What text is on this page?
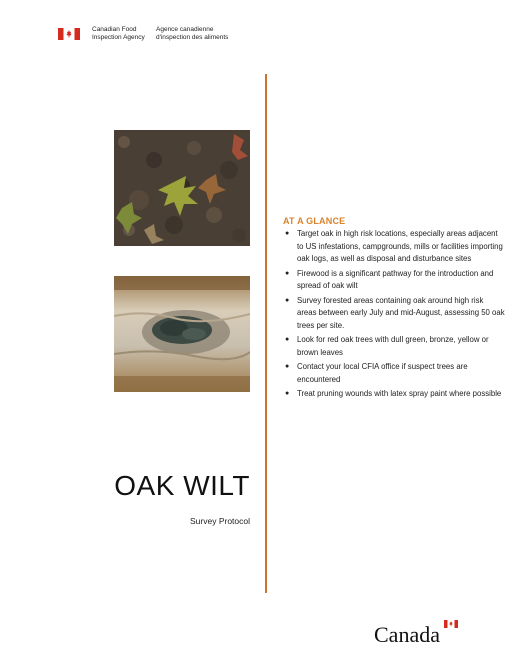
Canadian Food
Inspection Agency
Agence canadienne
d'inspection des aliments
OAK WILT
Survey Protocol
AT A GLANCE
● Target oak in high risk locations, especially areas adjacent to US infestations, campgrounds, mills or facilities importing oak logs, as well as disposal and disturbance sites
● Firewood is a significant pathway for the introduction and spread of oak wilt
● Survey forested areas containing oak around high risk areas between early July and mid-August, assessing 50 oak trees per site.
● Look for red oak trees with dull green, bronze, yellow or brown leaves
● Contact your local CFIA office if suspect trees are encountered
● Treat pruning wounds with latex spray paint where possible
Canada
